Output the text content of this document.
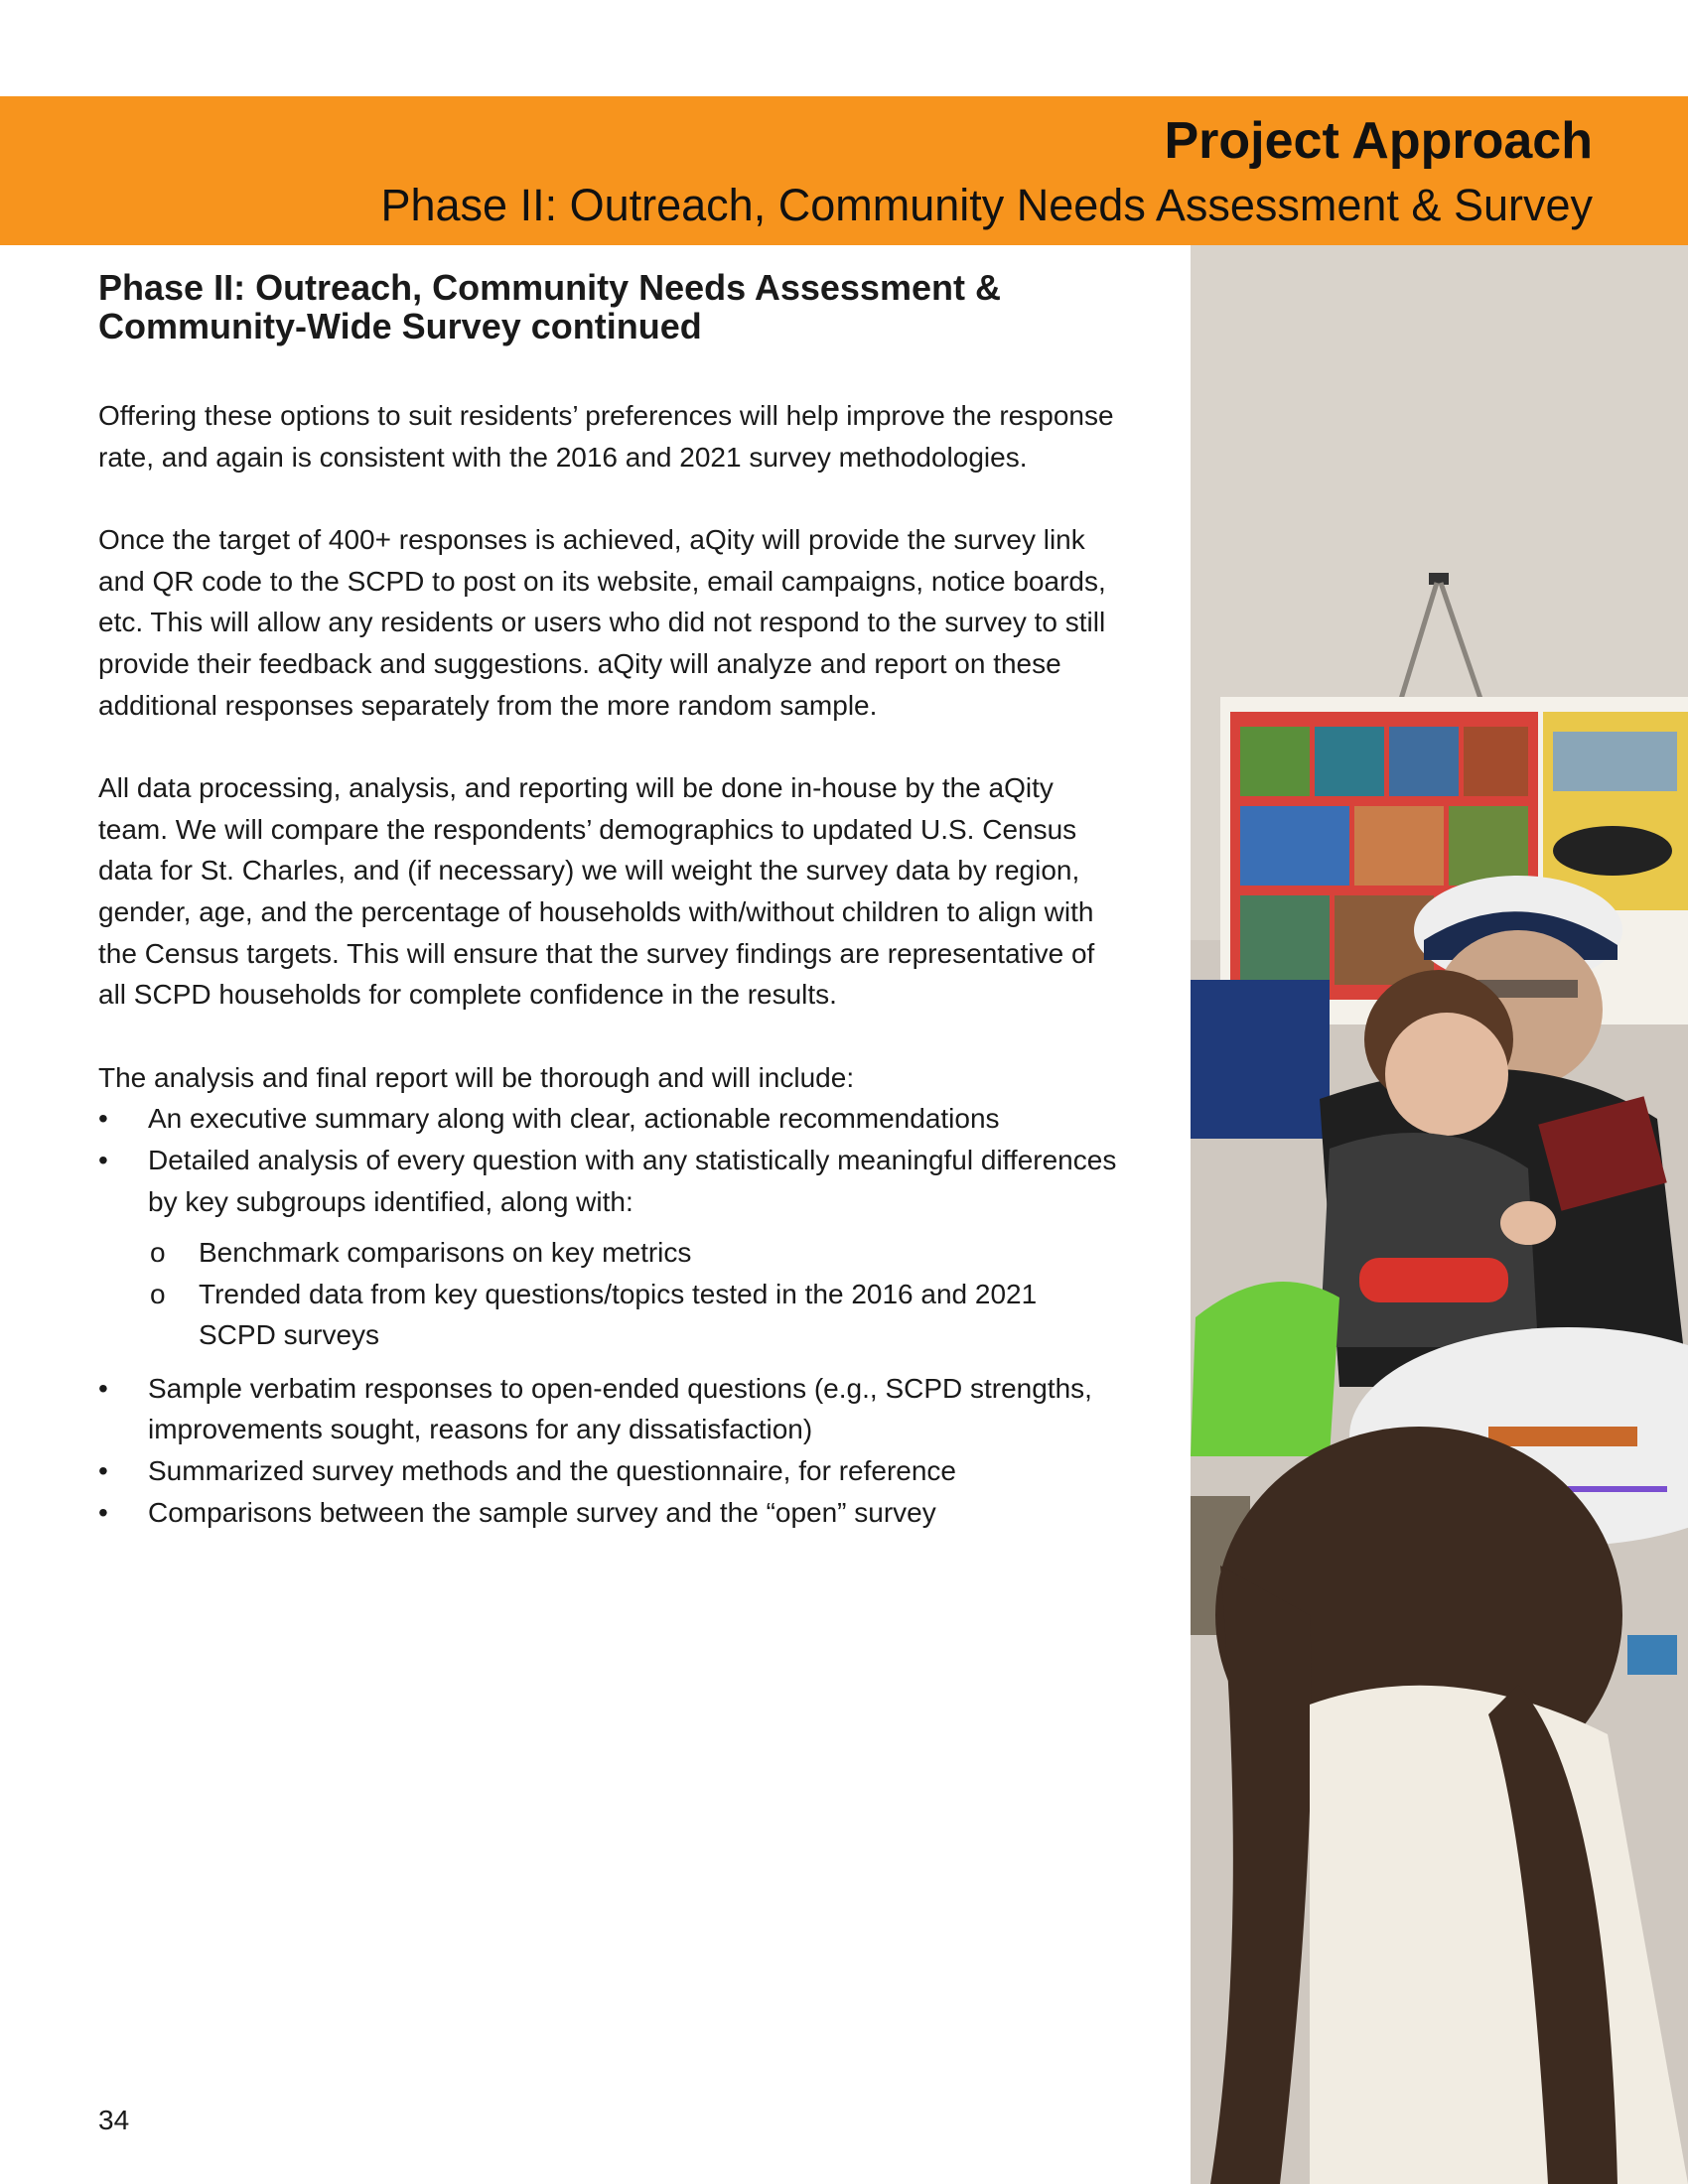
Project Approach
Phase II: Outreach, Community Needs Assessment & Survey
Phase II: Outreach, Community Needs Assessment & Community-Wide Survey continued

Offering these options to suit residents’ preferences will help improve the response rate, and again is consistent with the 2016 and 2021 survey methodologies.

Once the target of 400+ responses is achieved, aQity will provide the survey link and QR code to the SCPD to post on its website, email campaigns, notice boards, etc. This will allow any residents or users who did not respond to the survey to still provide their feedback and suggestions. aQity will analyze and report on these additional responses separately from the more random sample.

All data processing, analysis, and reporting will be done in-house by the aQity team. We will compare the respondents’ demographics to updated U.S. Census data for St. Charles, and (if necessary) we will weight the survey data by region, gender, age, and the percentage of households with/without children to align with the Census targets. This will ensure that the survey findings are representative of all SCPD households for complete confidence in the results.

The analysis and final report will be thorough and will include:

•	An executive summary along with clear, actionable recommendations
•	Detailed analysis of every question with any statistically meaningful differences by key subgroups identified, along with:
o Benchmark comparisons on key metrics
o Trended data from key questions/topics tested in the 2016 and 2021 SCPD surveys
•	Sample verbatim responses to open-ended questions (e.g., SCPD strengths, improvements sought, reasons for any dissatisfaction)
•	Summarized survey methods and the questionnaire, for reference
•	Comparisons between the sample survey and the “open” survey
34
